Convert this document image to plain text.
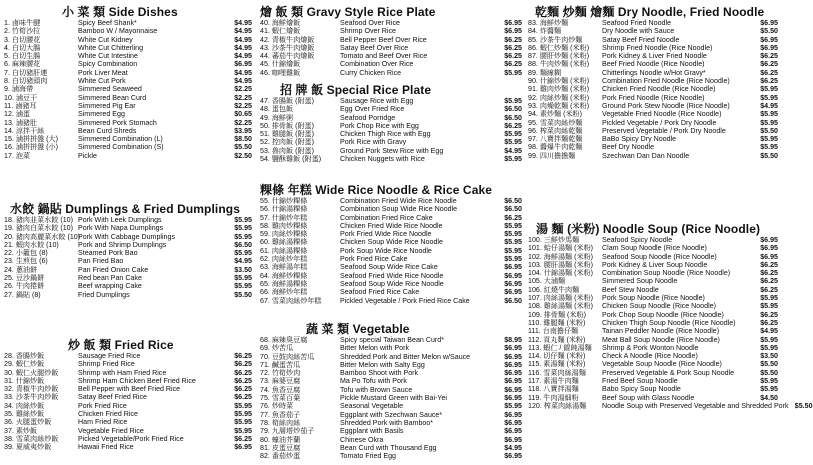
小 菜 類 Side Dishes
1. 鹵味牛腱	Spicy Beef Shank*	$4.95
2. 竹筍沙拉	Bamboo W / Mayonnaise	$4.95
3. 白切腰花	White Cut Kidney	$4.95
4. 白切大腸	White Cut Chitterling	$4.95
5. 白切生腸	White Cut Intestine	$4.95
6. 麻辣腰花	Spicy Combination	$6.95
7. 白切豬肝連	Pork Liver Meat	$4.95
8. 白切豬頭肉	White Cut Pork	$4.95
9. 滷海帶	Simmered Seaweed	$2.25
10. 滷豆干	Simmered Bean Curd	$2.25
11. 滷豬耳	Simmered Pig Ear	$2.25
12. 滷蛋	Simmered Egg	$0.65
13. 滷豬肚	Simmered Pork Stomach	$2.25
14. 涼拌干絲	Bean Curd Shreds	$3.95
15. 滷拼拼盤 (大)	Simmered Combination (L)	$8.50
16. 滷拼拼盤 (小)	Simmered Combination (S)	$5.50
17. 泡菜	Pickle	$2.50
水餃 鍋貼 Dumplings & Fried Dumplings
18. 豬肉韭菜水餃 (10) Pork With Leek Dumplings	$5.95
19. 豬肉白菜水餃 (10) Pork With Napa Dumplings	$5.95
20. 豬肉高麗菜水餃 (10)
Pork With Cabbage Dumplings	$5.95
21. 蝦肉水餃 (10)	Pork and Shrimp Dumplings	$6.50
22. 小籠包 (8)	Steamed Pork Bao	$5.95
23. 生煎包 (6)	Pan Fried Bao	$4.95
24. 蔥油餅	Pan Fried Onion Cake	$3.50
25. 豆沙鍋餅	Red bean Pan Cake	$5.95
26. 牛肉捲餅	Beef wrapping Cake	$5.95
27. 鍋貼 (8)	Fried Dumplings	$5.50
炒 飯 類 Fried Rice
28. 香腸炒飯	Sausage Fried Rice	$6.25
29. 蝦仁炒飯	Shrimp Fried Rice	$6.25
30. 蝦仁火腿炒飯	Shrimp with Ham Fried Rice	$6.25
31. 什錦炒飯	Shrimp Ham Chicken Beef Fried Rice	$6.25
32. 青椒牛肉炒飯	Bell Pepper with Beef Fried Rice	$6.25
33. 沙茶牛肉炒飯	Satay Beef Fried Rice	$6.25
34. 肉絲炒飯	Pork Fried Rice	$5.95
35. 雞絲炒飯	Chicken Fried Rice	$5.95
36. 火腿蛋炒飯	Ham Fried Rice	$5.95
37. 素炒飯	Vegetable Fried Rice	$5.95
38. 雪菜肉絲炒飯	Picked Vegetable/Pork Fried Rice	$6.25
39. 夏威夷炒飯	Hawaii Fried Rice	$6.95
燴 飯 類 Gravy Style Rice Plate
40. 海鮮燴飯	Seafood Over Rice	$6.95
41. 蝦仁燴飯	Shrimp Over Rice	$6.95
42. 青椒牛肉燴飯	Bell Pepper Beef Over Rice	$6.25
43. 沙茶牛肉燴飯	Satay Beef Over Rice	$6.25
44. 蕃茄牛肉燴飯	Tomato and Beef Over Rice	$6.25
45. 什錦燴飯	Combination Over Rice	$6.25
46. 咖哩雞飯	Curry Chicken Rice	$5.95
招 牌 飯 Special Rice Plate
47. 香腸飯 (附蛋)	Sausage Rice with Egg	$5.95
48. 蛋包飯	Egg Over Fried Rice	$6.50
49. 海鮮粥	Seafood Porridge	$6.50
50. 排骨飯 (附蛋)	Pork Chop Rice with Egg	$6.25
51. 雞腿飯 (附蛋)	Chicken Thigh Rice with Egg	$5.95
52. 控肉飯 (附蛋)	Pork Rice with Gravy	$5.95
53. 魯肉飯 (附蛋)	Ground Pork Stew Rice with Egg	$4.95
54. 鹽酥雞飯 (附蛋)	Chicken Nuggets with Rice	$5.95
粿條 年糕 Wide Rice Noodle & Rice Cake
55. 什錦炒粿條	Combination Fried Wide Rice Noodle	$6.50
56. 什錦湯粿條	Combination Soup Wide Rice Noodle	$6.50
57. 什錦炒年糕	Combination Fried Rice Cake	$6.25
58. 雞肉炒粿條	Chicken Fried Wide Rice Noodle	$5.95
59. 肉絲炒粿條	Pork Fried Wide Rice Noodle	$5.95
60. 雞絲湯粿條	Chicken Soup Wide Rice Noodle	$5.95
61. 肉絲湯粿條	Pork Soup Wide Rice Noodle	$5.95
62. 肉絲炒年糕	Pork Fried Rice Cake	$5.95
63. 海鮮湯年糕	Seafood Soup Wide Rice Cake	$6.95
64. 海鮮炒粿條	Seafood Fried Wide Rice Noodle	$6.95
65. 海鮮湯粿條	Seafood Soup Wide Rice Noodle	$6.95
66. 海鮮炒年糕	Seafood Fried Rice Cake	$6.95
67. 雪菜肉絲炒年糕	Pickled Vegetable / Pork Fried Rice Cake	$6.50
蔬 菜 類 Vegetable
68. 麻辣臭豆腐	Spicy special Taiwan Bean Curd*	$8.95
69. 炒苦瓜	Bitter Melon with Pork	$6.95
70. 豆鼓肉絲苦瓜	Shredded Pork and Bitter Melon w/Sauce	$6.95
71. 鹹蛋苦瓜	Bitter Melon with Salty Egg	$6.95
72. 竹筍炒肉	Bamboo Shoot with Pork	$6.95
73. 麻婆豆腐	Ma Po Tofu with Pork	$6.95
74. 魚香豆腐	Tofu with Brown Sauce	$6.95
75. 雪菜百葉	Pickle Mustard Green with Bai-Yei	$6.95
76. 炒時菜	Seasonal Vegetable	$5.95
77. 魚香茄子	Eggplant with Szechwan Sauce*	$6.95
78. 筍絲肉絲	Shredded Pork with Bamboo*	$6.95
79. 九層塔炒茄子	Eggplant with Basils	$6.95
80. 蠔油芥蘭	Chinese Okra	$6.95
81. 皮蛋豆腐	Bean Curd with Thousand Egg	$4.95
82. 番茄炒蛋	Tomato Fried Egg	$6.95
乾麵 炒麵 燴麵 Dry Noodle, Fried Noodle
83. 海鮮炒麵	Seafood Fried Noodle	$6.95
84. 炸醬麵	Dry Noodle with Sauce	$5.50
85. 沙茶牛肉炒麵	Satay Beef Fried Noodle	$6.95
86. 蝦仁炒麵 (米粉)	Shrimp Fried Noodle (Rice Noodle)	$6.95
87. 腰肝炒麵 (米粉)	Pork Kidney & Liver Fried Noodle	$6.25
88. 牛肉炒麵 (米粉)	Beef Fried Noodle (Rice Noodle)	$6.25
89. 麵線糊	Chitterlings Noodle w/Hot Gravy*	$6.25
90. 什錦炒麵 (米粉)	Combination Fried Noodle (Rice Noodle)	$6.25
91. 雞肉炒麵 (米粉)	Chicken Fried Noodle (Rice Noodle)	$5.95
92. 肉絲炒麵 (米粉)	Pork Fried Noodle (Rice Noodle)	$5.95
93. 肉燥乾麵 (米粉)	Ground Pork Stew Noodle (Rice Noodle)	$4.95
94. 素炒麵 (米粉)	Vegetable Fried Noodle (Rice Noodle)	$5.95
95. 雪菜肉絲炒麵	Pickled Vegetable / Pork Dry Noodle	$5.95
96. 榨菜肉絲乾麵	Preserved Vegetable / Pork Dry Noodle	$5.50
97. 八寶拌麵乾麵	BaBo Spicy Dry Noodle	$5.95
98. 醬爆牛肉乾麵	Beef Dry Noodle	$5.95
99. 四川擔擔麵	Szechwan Dan Dan Noodle	$5.50
湯 麵 (米粉) Noodle Soup (Rice Noodle)
100. 三鮮炒馬麵	Seafood Spicy Noodle	$6.95
101. 蛤仔湯麵 (米粉)	Clam Soup Noodle (Rice Noodle)	$6.95
102. 海鮮湯麵 (米粉)	Seafood Soup Noodle (Rice Noodle)	$6.95
103. 腰肝湯麵 (米粉)	Pork Kidney & Liver Soup Noodle	$6.25
104. 什錦湯麵 (米粉)	Combination Soup Noodle (Rice Noodle)	$6.25
105. 大滷麵	Simmered Soup Noodle	$6.25
106. 紅燒牛肉麵	Beef Stew Noodle	$6.25
107. 肉絲湯麵 (米粉)	Pork Soup Noodle (Rice Noodle)	$5.95
108. 雞絲湯麵 (米粉)	Chicken Soup Noodle (Rice Noodle)	$5.95
109. 排骨麵 (米粉)	Pork Chop Soup Noodle (Rice Noodle)	$6.25
110. 雞腿麵 (米粉)	Chicken Thigh Soup Noodle (Rice Noodle)	$6.25
111. 台南擔仔麵	Tainan Peddler Noodle (Rice Noodle)	$4.95
112. 貢丸麵 (米粉)	Meat Ball Soup Noodle (Rice Noodle)	$5.95
113. 蝦仁 / 餛飩湯麵	Shrimp & Pork Wonton Noodle	$5.95
114. 切仔麵 (米粉)	Check A Noodle (Rice Noodle)	$3.50
115. 素湯麵 (米粉)	Vegetable Soup Noodle (Rice Noodle)	$5.50
116. 雪菜肉絲湯麵	Preserved Vegetable & Pork Soup Noodle	$5.50
117. 素湯牛肉麵	Fried Beef Soup Noodle	$5.95
118. 八寶拌湯麵	Babo Spicy Soup Noodle	$5.95
119. 牛肉湯細粉	Beef Soup with Glass Noodle	$4.50
120. 榨菜肉絲湯麵	Noodle Soup with Preserved Vegetable and Shredded Pork $5.50
